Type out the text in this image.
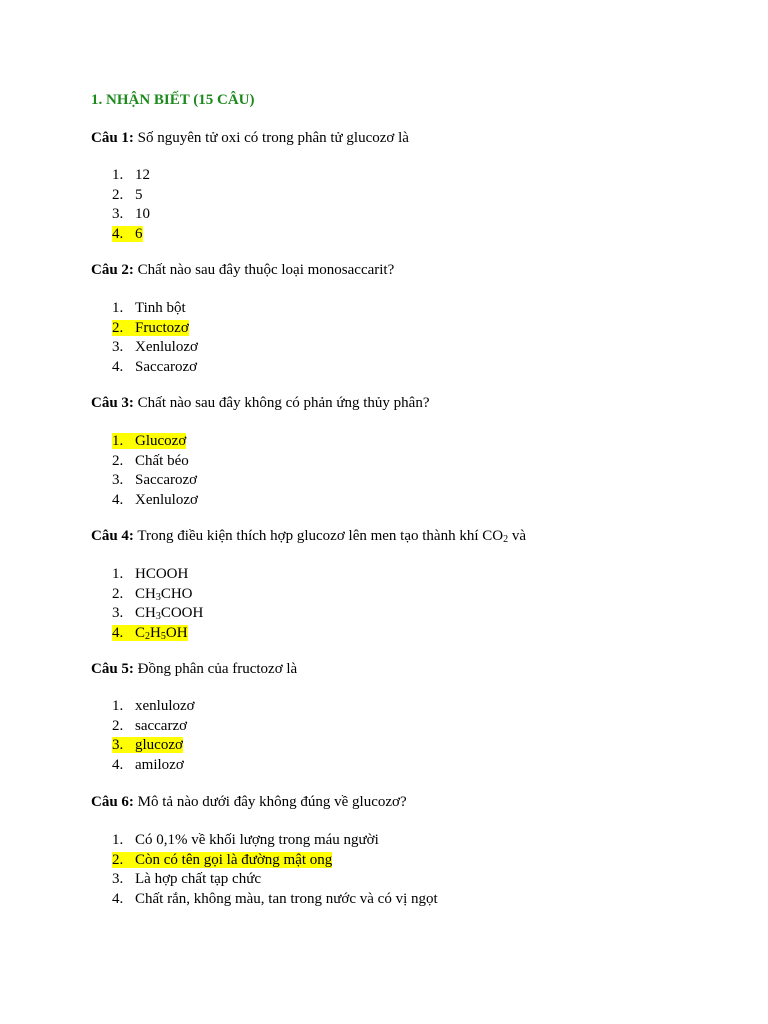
1. NHẬN BIẾT (15 CÂU)

Câu 1: Số nguyên tử oxi có trong phân tử glucozơ là

1. 12
2. 5
3. 10
4. 6

Câu 2: Chất nào sau đây thuộc loại monosaccarit?

1. Tinh bột
2. Fructozơ
3. Xenlulozơ
4. Saccarozơ

Câu 3: Chất nào sau đây không có phản ứng thủy phân?

1. Glucozơ
2. Chất béo
3. Saccarozơ
4. Xenlulozơ

Câu 4: Trong điều kiện thích hợp glucozơ lên men tạo thành khí $CO_2$ và

1. HCOOH
2. $CH_3CHO$
3. $CH_3COOH$
4. $C_2H_5OH$

Câu 5: Đồng phân của fructozơ là

1. xenlulozơ
2. saccarzơ
3. glucozơ
4. amilozơ

Câu 6: Mô tả nào dưới đây không đúng về glucozơ?

1. Có 0,1% về khối lượng trong máu người
2. Còn có tên gọi là đường mật ong
3. Là hợp chất tạp chức
4. Chất rắn, không màu, tan trong nước và có vị ngọt
